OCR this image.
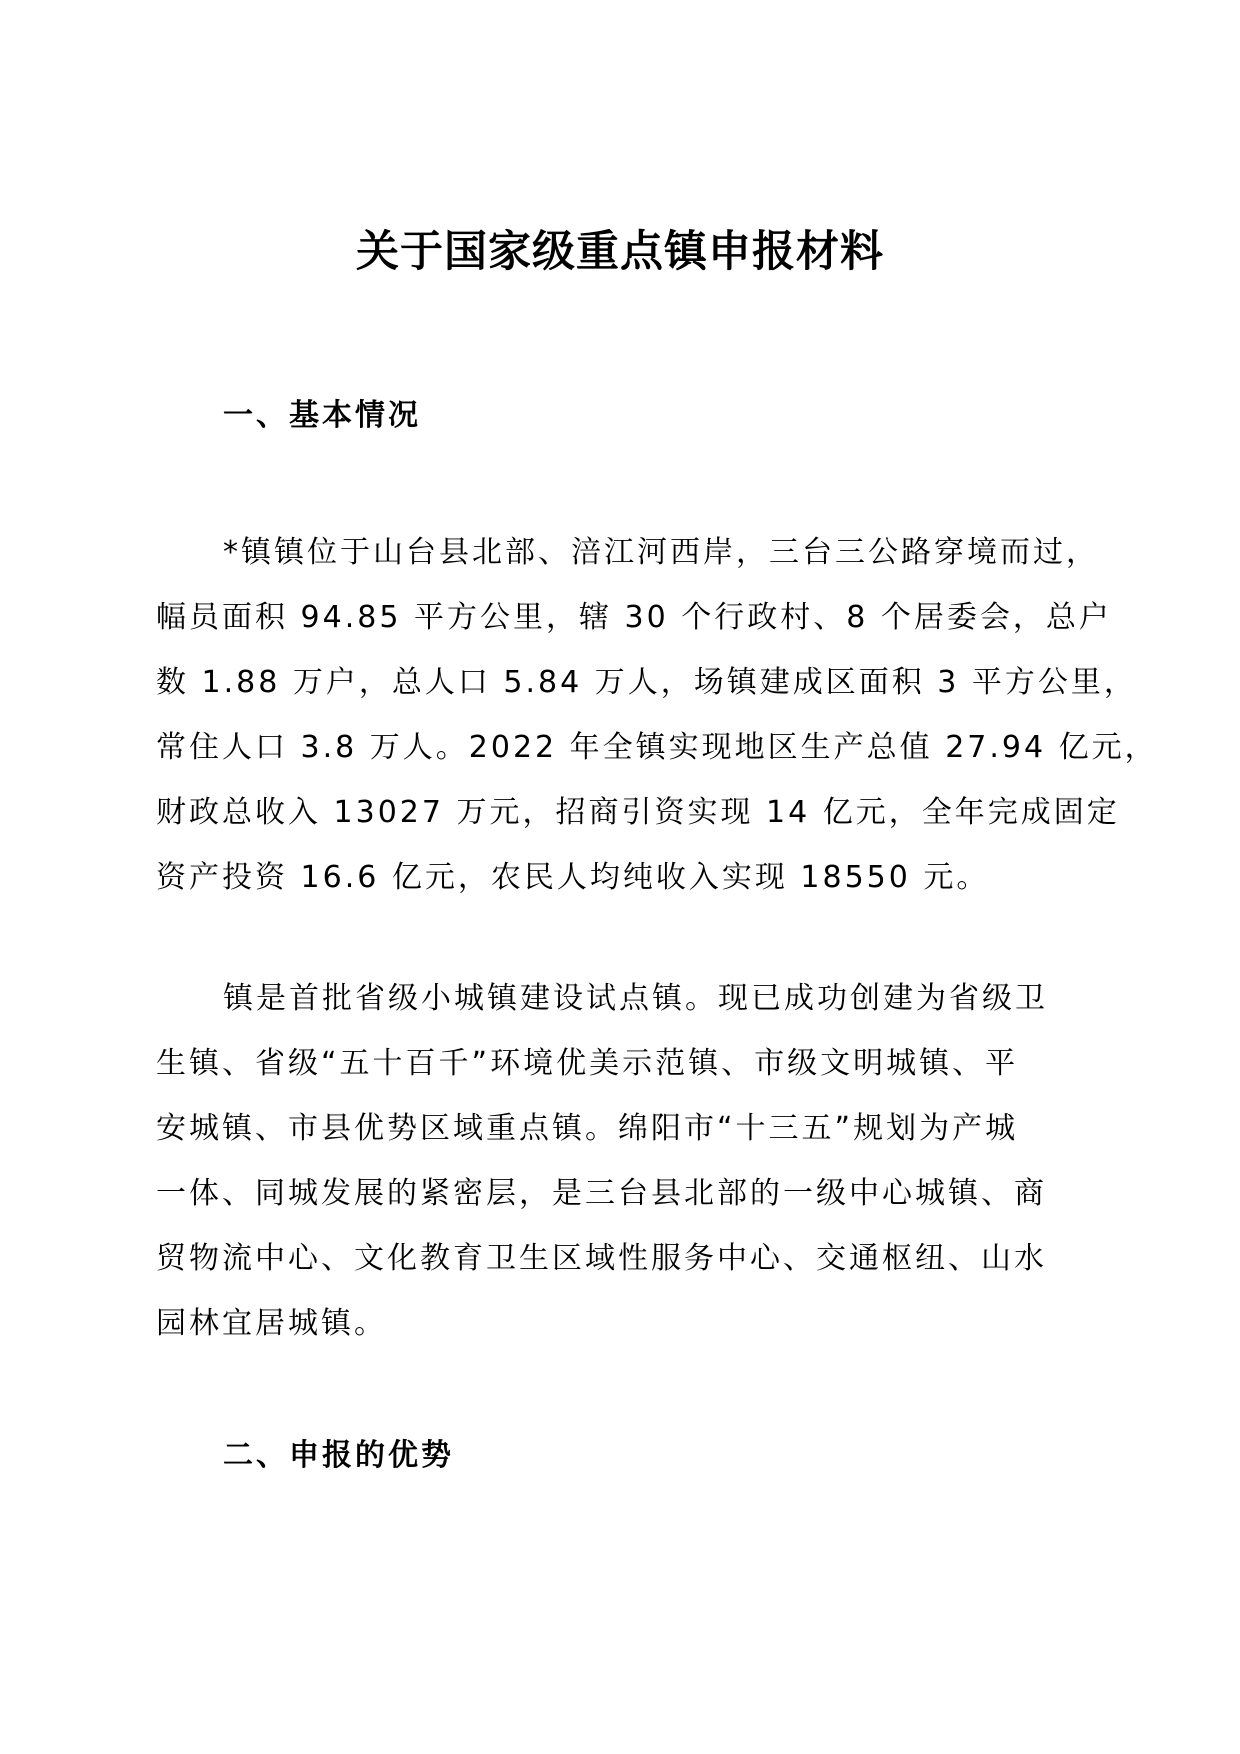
关于国家级重点镇申报材料
一、基本情况

*镇镇位于山台县北部、涪江河西岸，三台三公路穿境而过，
幅员面积 94.85 平方公里，辖 30 个行政村、8 个居委会，总户
数 1.88 万户，总人口 5.84 万人，场镇建成区面积 3 平方公里，
常住人口 3.8 万人。2022 年全镇实现地区生产总值 27.94 亿元，
财政总收入 13027 万元，招商引资实现 14 亿元，全年完成固定
资产投资 16.6 亿元，农民人均纯收入实现 18550 元。

镇是首批省级小城镇建设试点镇。现已成功创建为省级卫
生镇、省级“五十百千”环境优美示范镇、市级文明城镇、平
安城镇、市县优势区域重点镇。绵阳市“十三五”规划为产城
一体、同城发展的紧密层，是三台县北部的一级中心城镇、商
贸物流中心、文化教育卫生区域性服务中心、交通枢纽、山水
园林宜居城镇。

二、申报的优势
